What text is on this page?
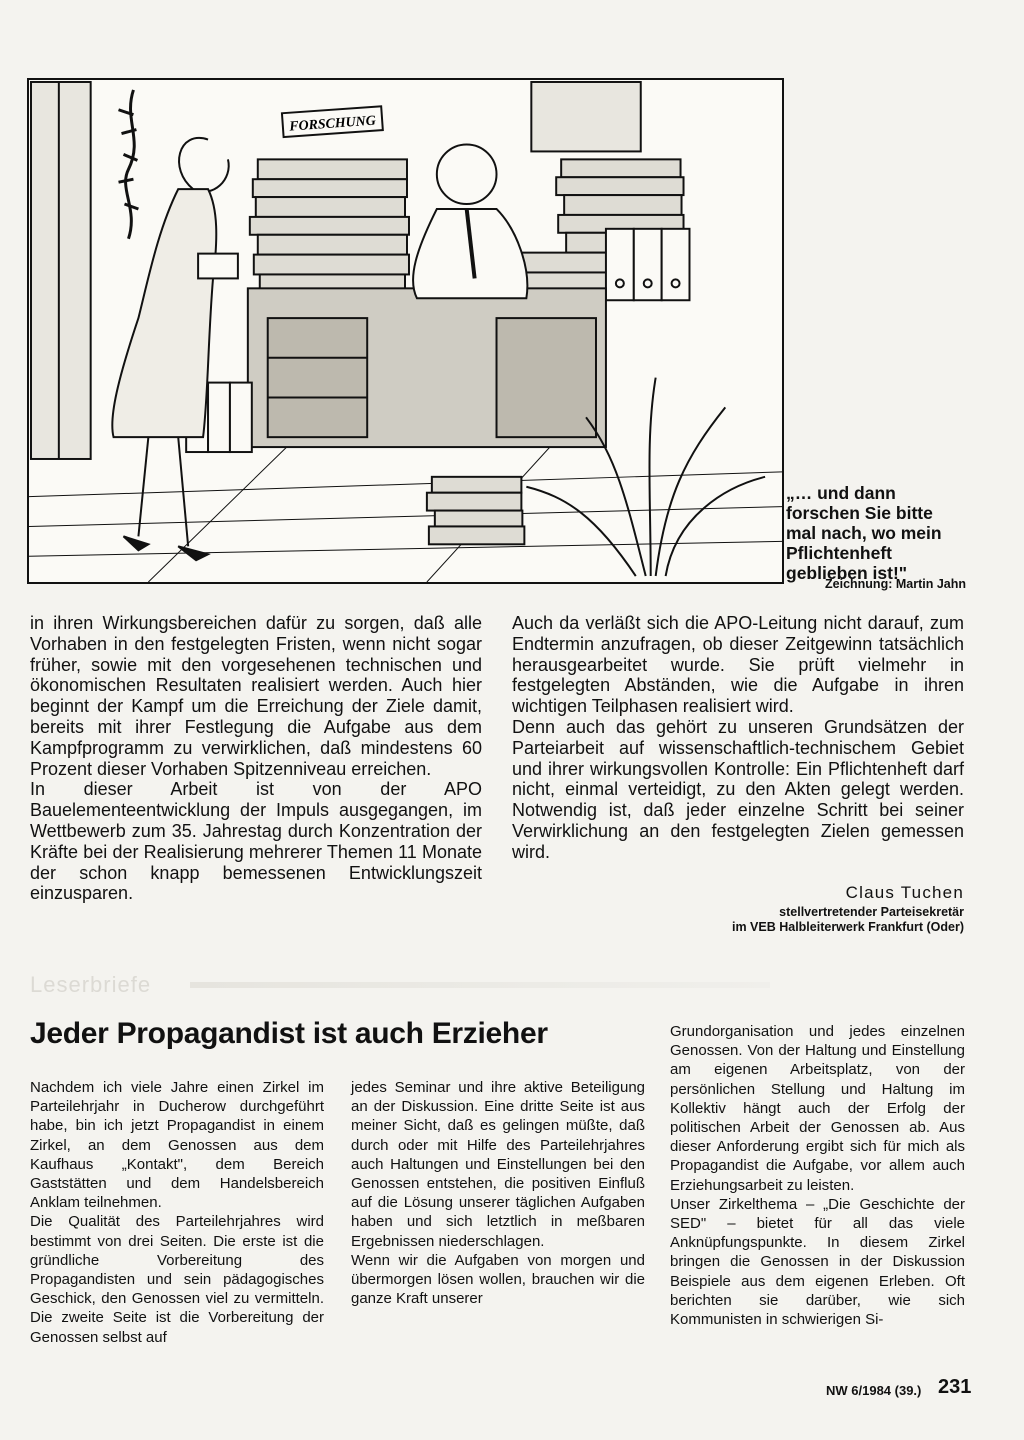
FORSCHUNG
„… und dann forschen Sie bitte mal nach, wo mein Pflichtenheft geblieben ist!"
Zeichnung: Martin Jahn

in ihren Wirkungsbereichen dafür zu sorgen, daß alle Vorhaben in den festgelegten Fristen, wenn nicht sogar früher, sowie mit den vorgesehenen technischen und ökonomischen Resultaten realisiert werden. Auch hier beginnt der Kampf um die Erreichung der Ziele damit, bereits mit ihrer Festlegung die Aufgabe aus dem Kampfprogramm zu verwirklichen, daß mindestens 60 Prozent dieser Vorhaben Spitzenniveau erreichen.

In dieser Arbeit ist von der APO Bauelementeentwicklung der Impuls ausgegangen, im Wettbewerb zum 35. Jahrestag durch Konzentration der Kräfte bei der Realisierung mehrerer Themen 11 Monate der schon knapp bemessenen Entwicklungszeit einzusparen.

Auch da verläßt sich die APO-Leitung nicht darauf, zum Endtermin anzufragen, ob dieser Zeitgewinn tatsächlich herausgearbeitet wurde. Sie prüft vielmehr in festgelegten Abständen, wie die Aufgabe in ihren wichtigen Teilphasen realisiert wird.

Denn auch das gehört zu unseren Grundsätzen der Parteiarbeit auf wissenschaftlich-technischem Gebiet und ihrer wirkungsvollen Kontrolle: Ein Pflichtenheft darf nicht, einmal verteidigt, zu den Akten gelegt werden. Notwendig ist, daß jeder einzelne Schritt bei seiner Verwirklichung an den festgelegten Zielen gemessen wird.

Claus Tuchen
stellvertretender Parteisekretär
im VEB Halbleiterwerk Frankfurt (Oder)
Leserbriefe
Jeder Propagandist ist auch Erzieher

Nachdem ich viele Jahre einen Zirkel im Parteilehrjahr in Ducherow durchgeführt habe, bin ich jetzt Propagandist in einem Zirkel, an dem Genossen aus dem Kaufhaus „Kontakt", dem Bereich Gaststätten und dem Handelsbereich Anklam teilnehmen.

Die Qualität des Parteilehrjahres wird bestimmt von drei Seiten. Die erste ist die gründliche Vorbereitung des Propagandisten und sein pädagogisches Geschick, den Genossen viel zu vermitteln. Die zweite Seite ist die Vorbereitung der Genossen selbst auf

jedes Seminar und ihre aktive Beteiligung an der Diskussion. Eine dritte Seite ist aus meiner Sicht, daß es gelingen müßte, daß durch oder mit Hilfe des Parteilehrjahres auch Haltungen und Einstellungen bei den Genossen entstehen, die positiven Einfluß auf die Lösung unserer täglichen Aufgaben haben und sich letztlich in meßbaren Ergebnissen niederschlagen.

Wenn wir die Aufgaben von morgen und übermorgen lösen wollen, brauchen wir die ganze Kraft unserer

Grundorganisation und jedes einzelnen Genossen. Von der Haltung und Einstellung am eigenen Arbeitsplatz, von der persönlichen Stellung und Haltung im Kollektiv hängt auch der Erfolg der politischen Arbeit der Genossen ab. Aus dieser Anforderung ergibt sich für mich als Propagandist die Aufgabe, vor allem auch Erziehungsarbeit zu leisten.

Unser Zirkelthema – „Die Geschichte der SED" – bietet für all das viele Anknüpfungspunkte. In diesem Zirkel bringen die Genossen in der Diskussion Beispiele aus dem eigenen Erleben. Oft berichten sie darüber, wie sich Kommunisten in schwierigen Si-

NW 6/1984 (39.) 231
